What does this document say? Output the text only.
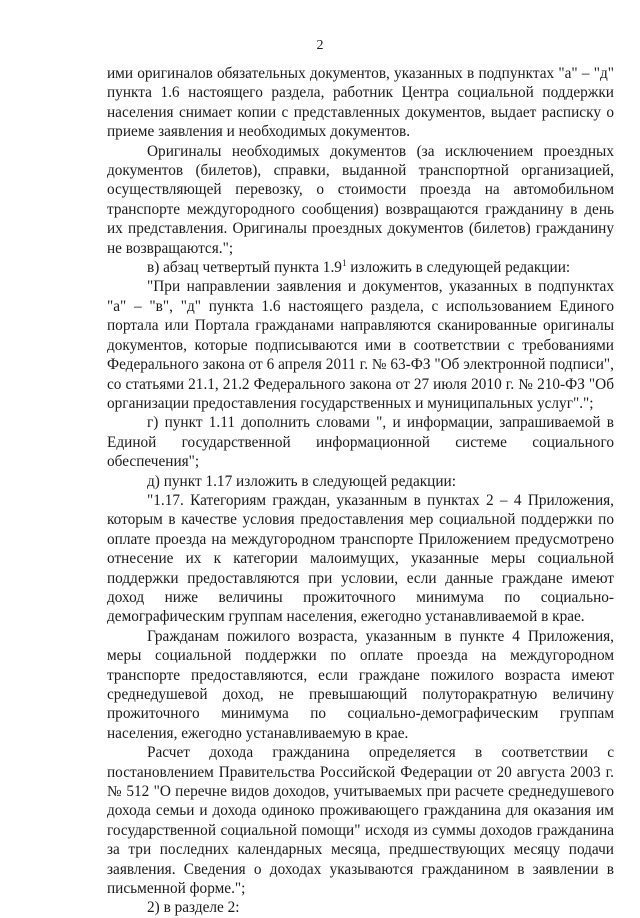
2

ими оригиналов обязательных документов, указанных в подпунктах "а" – "д" пункта 1.6 настоящего раздела, работник Центра социальной поддержки населения снимает копии с представленных документов, выдает расписку о приеме заявления и необходимых документов.

Оригиналы необходимых документов (за исключением проездных документов (билетов), справки, выданной транспортной организацией, осуществляющей перевозку, о стоимости проезда на автомобильном транспорте междугородного сообщения) возвращаются гражданину в день их представления. Оригиналы проездных документов (билетов) гражданину не возвращаются.";

в) абзац четвертый пункта $1.9^1$ изложить в следующей редакции:

"При направлении заявления и документов, указанных в подпунктах "а" – "в", "д" пункта 1.6 настоящего раздела, с использованием Единого портала или Портала гражданами направляются сканированные оригиналы документов, которые подписываются ими в соответствии с требованиями Федерального закона от 6 апреля 2011 г. № 63-ФЗ "Об электронной подписи", со статьями 21.1, 21.2 Федерального закона от 27 июля 2010 г. № 210-ФЗ "Об организации предоставления государственных и муниципальных услуг".";

г) пункт 1.11 дополнить словами ", и информации, запрашиваемой в Единой государственной информационной системе социального обеспечения";

д) пункт 1.17 изложить в следующей редакции:

"1.17. Категориям граждан, указанным в пунктах 2 – 4 Приложения, которым в качестве условия предоставления мер социальной поддержки по оплате проезда на междугородном транспорте Приложением предусмотрено отнесение их к категории малоимущих, указанные меры социальной поддержки предоставляются при условии, если данные граждане имеют доход ниже величины прожиточного минимума по социально-демографическим группам населения, ежегодно устанавливаемой в крае.

Гражданам пожилого возраста, указанным в пункте 4 Приложения, меры социальной поддержки по оплате проезда на междугородном транспорте предоставляются, если граждане пожилого возраста имеют среднедушевой доход, не превышающий полуторакратную величину прожиточного минимума по социально-демографическим группам населения, ежегодно устанавливаемую в крае.

Расчет дохода гражданина определяется в соответствии с постановлением Правительства Российской Федерации от 20 августа 2003 г. № 512 "О перечне видов доходов, учитываемых при расчете среднедушевого дохода семьи и дохода одиноко проживающего гражданина для оказания им государственной социальной помощи" исходя из суммы доходов гражданина за три последних календарных месяца, предшествующих месяцу подачи заявления. Сведения о доходах указываются гражданином в заявлении в письменной форме.";

2) в разделе 2:
